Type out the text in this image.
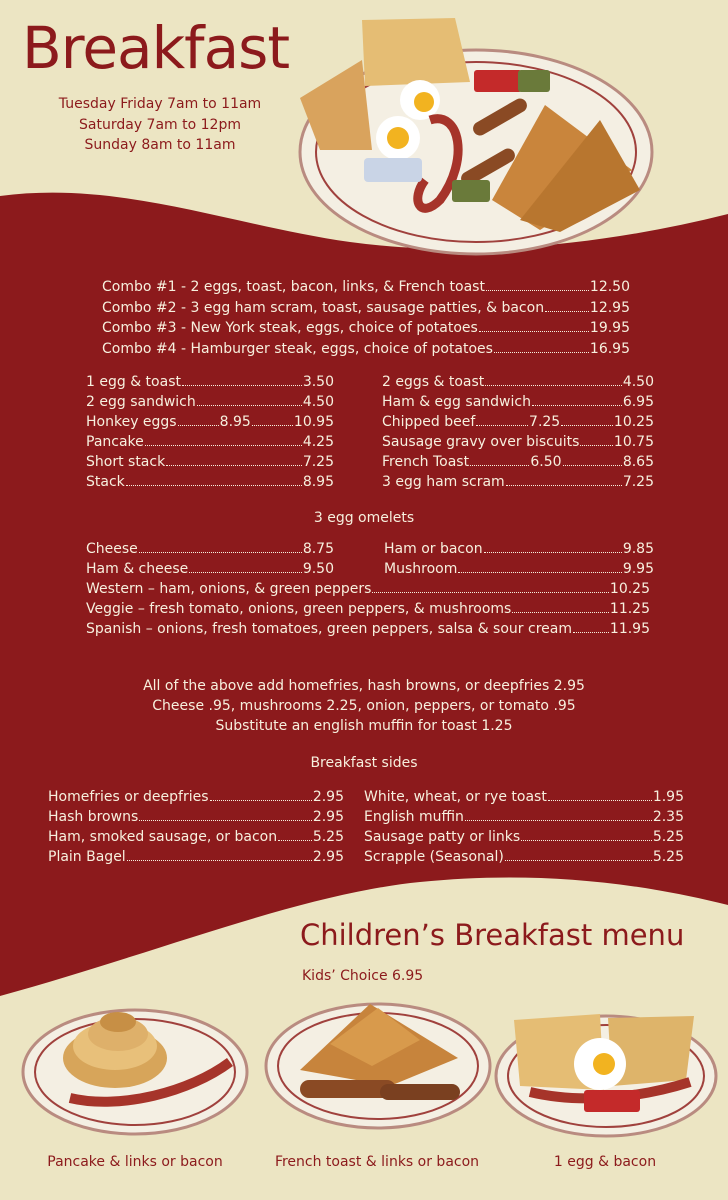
Breakfast
Tuesday Friday 7am to 11am
Saturday 7am to 12pm
Sunday 8am to 11am
Combo #1 - 2 eggs, toast, bacon, links, & French toast	12.50
Combo #2 - 3 egg ham scram, toast, sausage patties, & bacon	12.95
Combo #3 - New York steak, eggs, choice of potatoes	19.95
Combo #4 - Hamburger steak, eggs, choice of potatoes	16.95
1 egg & toast	3.50
2 egg sandwich	4.50
Honkey eggs	8.95	10.95
Pancake	4.25
Short stack	7.25
Stack	8.95
2 eggs & toast	4.50
Ham & egg sandwich	6.95
Chipped beef	7.25	10.25
Sausage gravy over biscuits 10.75
French Toast	6.50	8.65
3 egg ham scram	7.25
3 egg omelets
Cheese	8.75
Ham & cheese	9.50
Ham or bacon	9.85
Mushroom	9.95
Western – ham, onions, & green peppers	10.25
Veggie – fresh tomato, onions, green peppers, & mushrooms	11.25
Spanish – onions, fresh tomatoes, green peppers, salsa & sour cream	11.95
All of the above add homefries, hash browns, or deepfries 2.95
Cheese .95, mushrooms 2.25, onion, peppers, or tomato .95
Substitute an english muffin for toast 1.25
Breakfast sides
Homefries or deepfries	2.95
Hash browns	2.95
Ham, smoked sausage, or bacon	5.25
Plain Bagel	2.95
White, wheat, or rye toast	1.95
English muffin	2.35
Sausage patty or links	5.25
Scrapple (Seasonal)	5.25
Children’s Breakfast menu
Kids’ Choice 6.95
Pancake & links or bacon	French toast & links or bacon	1 egg & bacon
